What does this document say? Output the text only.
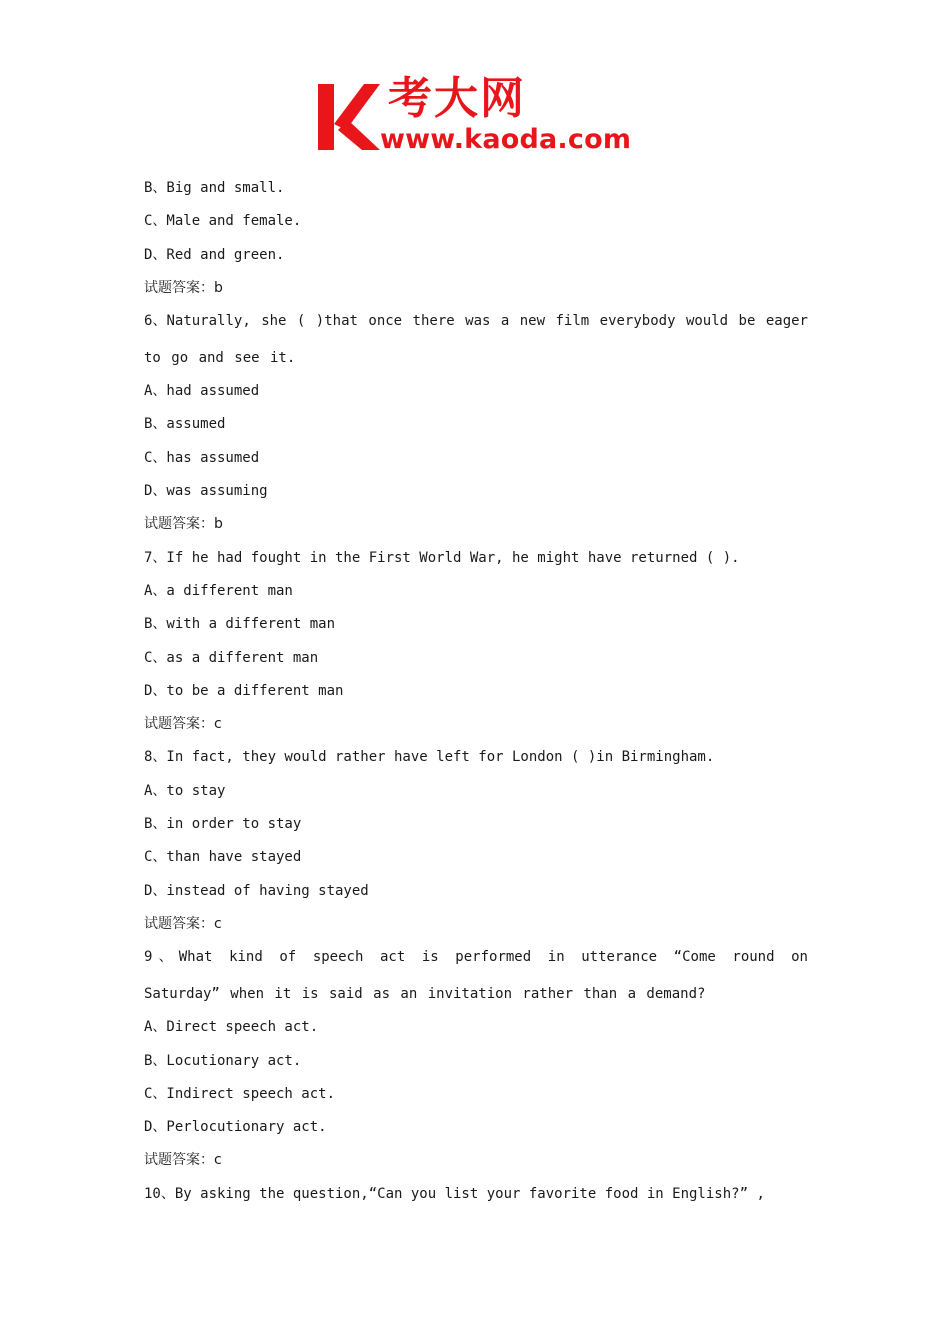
考大网
www.kaoda.com
B、Big and small.
C、Male and female.
D、Red and green.
试题答案：b
6、Naturally, she ( )that once there was a new film everybody would be eager to go and see it.
A、had assumed
B、assumed
C、has assumed
D、was assuming
试题答案：b
7、If he had fought in the First World War, he might have returned ( ).
A、a different man
B、with a different man
C、as a different man
D、to be a different man
试题答案：c
8、In fact, they would rather have left for London ( )in Birmingham.
A、to stay
B、in order to stay
C、than have stayed
D、instead of having stayed
试题答案：c
9、What kind of speech act is performed in utterance “Come round on Saturday” when it is said as an invitation rather than a demand?
A、Direct speech act.
B、Locutionary act.
C、Indirect speech act.
D、Perlocutionary act.
试题答案：c
10、By asking the question,“Can you list your favorite food in English?” ,
